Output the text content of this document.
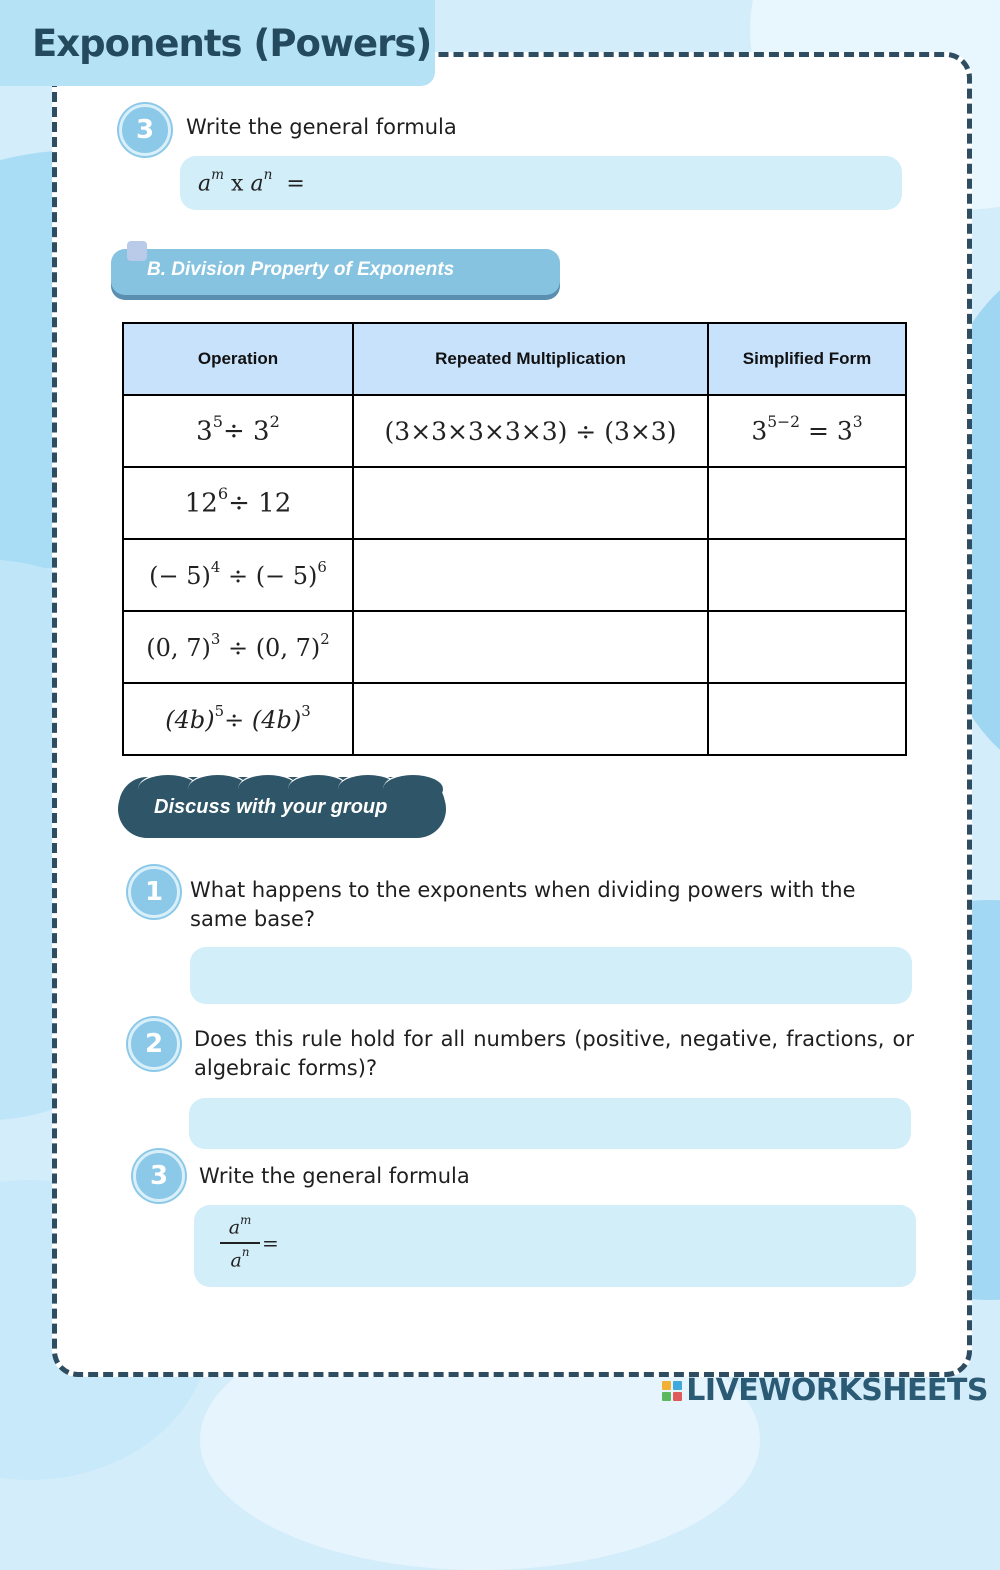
Exponents (Powers)
3	Write the general formula
$a^m$ x $a^n$ =
B. Division Property of Exponents
Operation	Repeated Multiplication	Simplified Form
$3^5\div 3^2$	(3×3×3×3×3) ÷ (3×3)	$3^{5-2} = 3^3$
$12^6\div 12$		
(− 5)$^4$ ÷ (− 5)$^6$		
(0, 7)$^3$ ÷ (0, 7)$^2$		
$(4b)^5\div (4b)^3$		
Discuss with your group
1	What happens to the exponents when dividing powers with the same base?
2	Does this rule hold for all numbers (positive, negative, fractions, or algebraic forms)?
3	Write the general formula
$a^m$
$a^n$ =
LIVEWORKSHEETS
